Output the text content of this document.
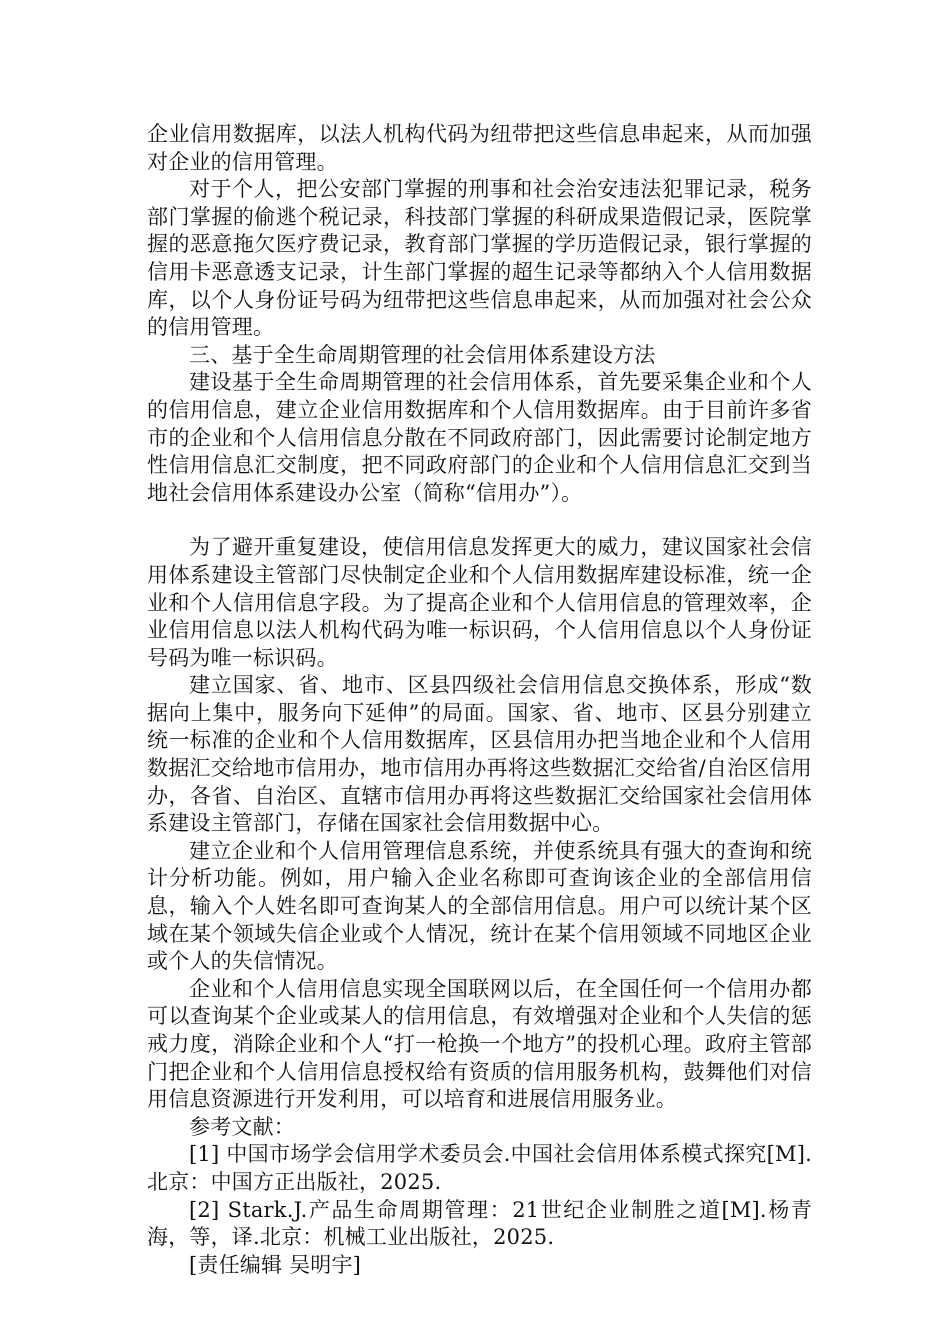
企业信用数据库，以法人机构代码为纽带把这些信息串起来，从而加强对企业的信用管理。

对于个人，把公安部门掌握的刑事和社会治安违法犯罪记录，税务部门掌握的偷逃个税记录，科技部门掌握的科研成果造假记录，医院掌握的恶意拖欠医疗费记录，教育部门掌握的学历造假记录，银行掌握的信用卡恶意透支记录，计生部门掌握的超生记录等都纳入个人信用数据库，以个人身份证号码为纽带把这些信息串起来，从而加强对社会公众的信用管理。

三、基于全生命周期管理的社会信用体系建设方法

建设基于全生命周期管理的社会信用体系，首先要采集企业和个人的信用信息，建立企业信用数据库和个人信用数据库。由于目前许多省市的企业和个人信用信息分散在不同政府部门，因此需要讨论制定地方性信用信息汇交制度，把不同政府部门的企业和个人信用信息汇交到当地社会信用体系建设办公室（简称“信用办”）。

为了避开重复建设，使信用信息发挥更大的威力，建议国家社会信用体系建设主管部门尽快制定企业和个人信用数据库建设标准，统一企业和个人信用信息字段。为了提高企业和个人信用信息的管理效率，企业信用信息以法人机构代码为唯一标识码，个人信用信息以个人身份证号码为唯一标识码。

建立国家、省、地市、区县四级社会信用信息交换体系，形成“数据向上集中，服务向下延伸”的局面。国家、省、地市、区县分别建立统一标准的企业和个人信用数据库，区县信用办把当地企业和个人信用数据汇交给地市信用办，地市信用办再将这些数据汇交给省/自治区信用办，各省、自治区、直辖市信用办再将这些数据汇交给国家社会信用体系建设主管部门，存储在国家社会信用数据中心。

建立企业和个人信用管理信息系统，并使系统具有强大的查询和统计分析功能。例如，用户输入企业名称即可查询该企业的全部信用信息，输入个人姓名即可查询某人的全部信用信息。用户可以统计某个区域在某个领域失信企业或个人情况，统计在某个信用领域不同地区企业或个人的失信情况。

企业和个人信用信息实现全国联网以后，在全国任何一个信用办都可以查询某个企业或某人的信用信息，有效增强对企业和个人失信的惩戒力度，消除企业和个人“打一枪换一个地方”的投机心理。政府主管部门把企业和个人信用信息授权给有资质的信用服务机构，鼓舞他们对信用信息资源进行开发利用，可以培育和进展信用服务业。

参考文献：

[1] 中国市场学会信用学术委员会.中国社会信用体系模式探究[M].北京：中国方正出版社，2025.

[2] Stark.J.产品生命周期管理：21世纪企业制胜之道[M].杨青海，等，译.北京：机械工业出版社，2025.

[责任编辑 吴明宇]
